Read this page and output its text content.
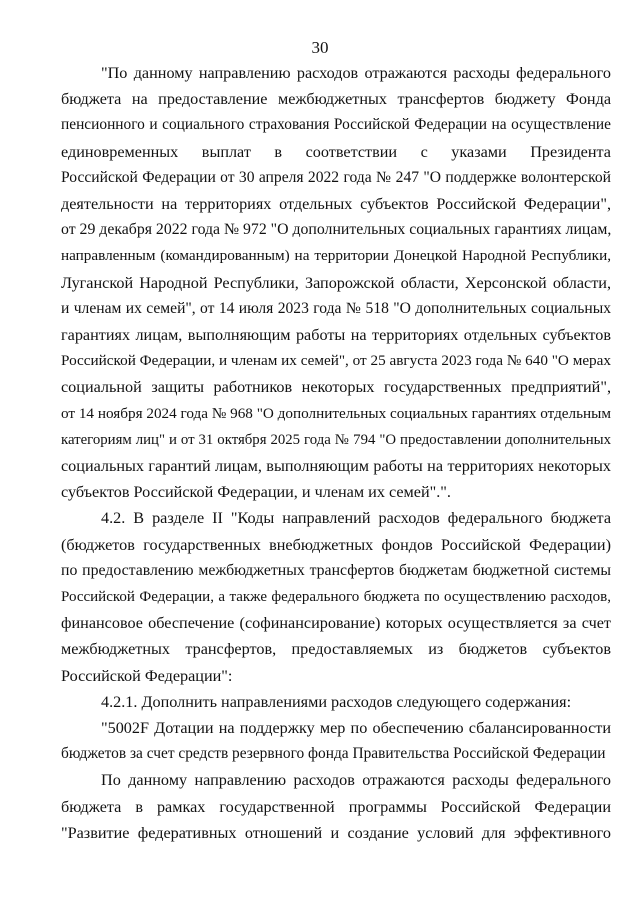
30
"По данному направлению расходов отражаются расходы федерального
бюджета на предоставление межбюджетных трансфертов бюджету Фонда
пенсионного и социального страхования Российской Федерации на осуществление
единовременных выплат в соответствии с указами Президента
Российской Федерации от 30 апреля 2022 года № 247 "О поддержке волонтерской
деятельности на территориях отдельных субъектов Российской Федерации",
от 29 декабря 2022 года № 972 "О дополнительных социальных гарантиях лицам,
направленным (командированным) на территории Донецкой Народной Республики,
Луганской Народной Республики, Запорожской области, Херсонской области,
и членам их семей", от 14 июля 2023 года № 518 "О дополнительных социальных
гарантиях лицам, выполняющим работы на территориях отдельных субъектов
Российской Федерации, и членам их семей", от 25 августа 2023 года № 640 "О мерах
социальной защиты работников некоторых государственных предприятий",
от 14 ноября 2024 года № 968 "О дополнительных социальных гарантиях отдельным
категориям лиц" и от 31 октября 2025 года № 794 "О предоставлении дополнительных
социальных гарантий лицам, выполняющим работы на территориях некоторых
субъектов Российской Федерации, и членам их семей".".
4.2. В разделе II "Коды направлений расходов федерального бюджета
(бюджетов государственных внебюджетных фондов Российской Федерации)
по предоставлению межбюджетных трансфертов бюджетам бюджетной системы
Российской Федерации, а также федерального бюджета по осуществлению расходов,
финансовое обеспечение (софинансирование) которых осуществляется за счет
межбюджетных трансфертов, предоставляемых из бюджетов субъектов
Российской Федерации":
4.2.1. Дополнить направлениями расходов следующего содержания:
"5002F Дотации на поддержку мер по обеспечению сбалансированности
бюджетов за счет средств резервного фонда Правительства Российской Федерации
По данному направлению расходов отражаются расходы федерального
бюджета в рамках государственной программы Российской Федерации
"Развитие федеративных отношений и создание условий для эффективного
